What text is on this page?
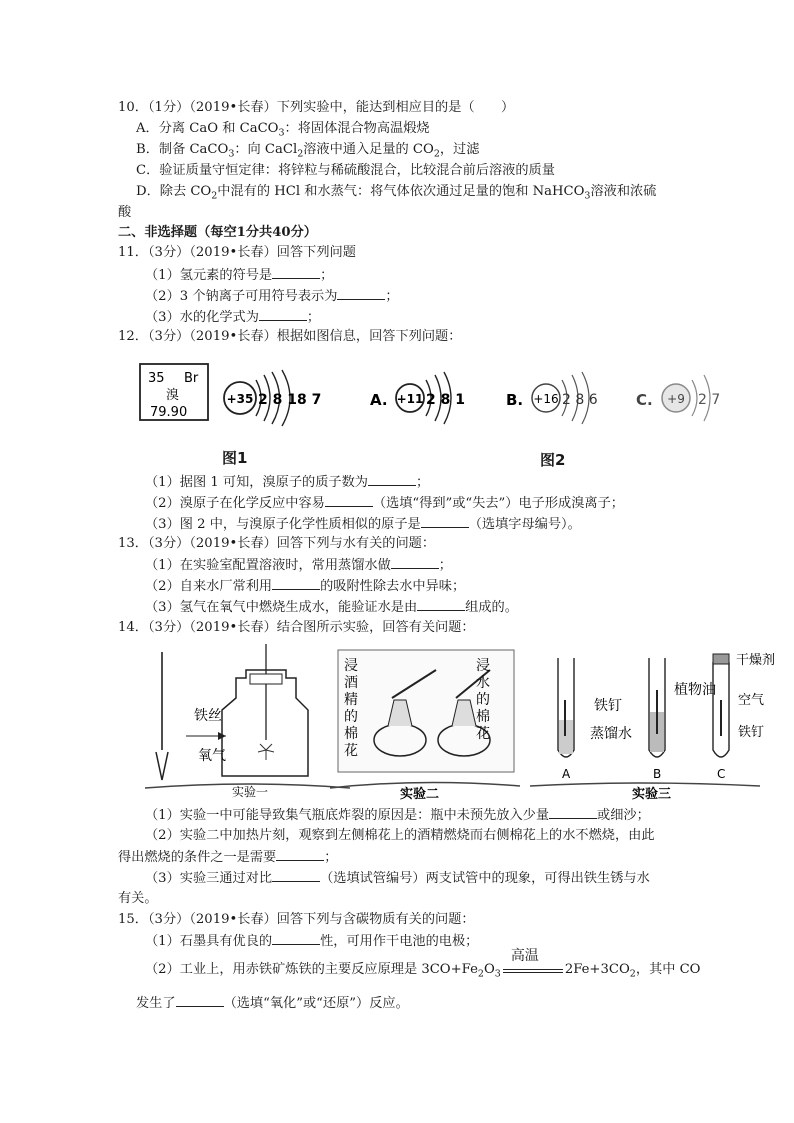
10．（1分）（2019•长春）下列实验中，能达到相应目的是（　　）
A．分离 CaO 和 CaCO$_3$：将固体混合物高温煅烧
B．制备 CaCO$_3$：向 CaCl$_2$溶液中通入足量的 $CO_2$，过滤
C．验证质量守恒定律：将锌粒与稀硫酸混合，比较混合前后溶液的质量
D．除去 $CO_2$中混有的 HCl 和水蒸气：将气体依次通过足量的饱和 NaHCO$_3$溶液和浓硫
酸
二、非选择题（每空1分共40分）
11．（3分）（2019•长春）回答下列问题
（1）氢元素的符号是	；
（2）3 个钠离子可用符号表示为	；
（3）水的化学式为	；
12．（3分）（2019•长春）根据如图信息，回答下列问题：
35 Br
溴
79.90
+35 2 8 18 7	A. +11 2 8 1	B. +16 2 8 6	C. +9 2 7
图1	图2
（1）据图 1 可知，溴原子的质子数为	；
（2）溴原子在化学反应中容易	（选填“得到”或“失去”）电子形成溴离子；
（3）图 2 中，与溴原子化学性质相似的原子是	（选填字母编号）。
13．（3分）（2019•长春）回答下列与水有关的问题：
（1）在实验室配置溶液时，常用蒸馏水做	；
（2）自来水厂常利用	的吸附性除去水中异味；
（3）氢气在氧气中燃烧生成水，能验证水是由	组成的。
14．（3分）（2019•长春）结合图所示实验，回答有关问题：
铁丝
氧气
实验一
浸酒精的棉花
浸水的棉花
实验二
铁钉
蒸馏水
植物油
干燥剂
空气
铁钉
A	B	C
实验三
（1）实验一中可能导致集气瓶底炸裂的原因是：瓶中未预先放入少量	或细沙；
（2）实验二中加热片刻，观察到左侧棉花上的酒精燃烧而右侧棉花上的水不燃烧，由此
得出燃烧的条件之一是需要	；
（3）实验三通过对比	（选填试管编号）两支试管中的现象，可得出铁生锈与水
有关。
15．（3分）（2019•长春）回答下列与含碳物质有关的问题：
（1）石墨具有优良的	性，可用作干电池的电极；
（2）工业上，用赤铁矿炼铁的主要反应原理是 $3CO+Fe_2O_3$
高温
$2Fe+3CO_2$，其中 CO
发生了	（选填“氧化”或“还原”）反应。
